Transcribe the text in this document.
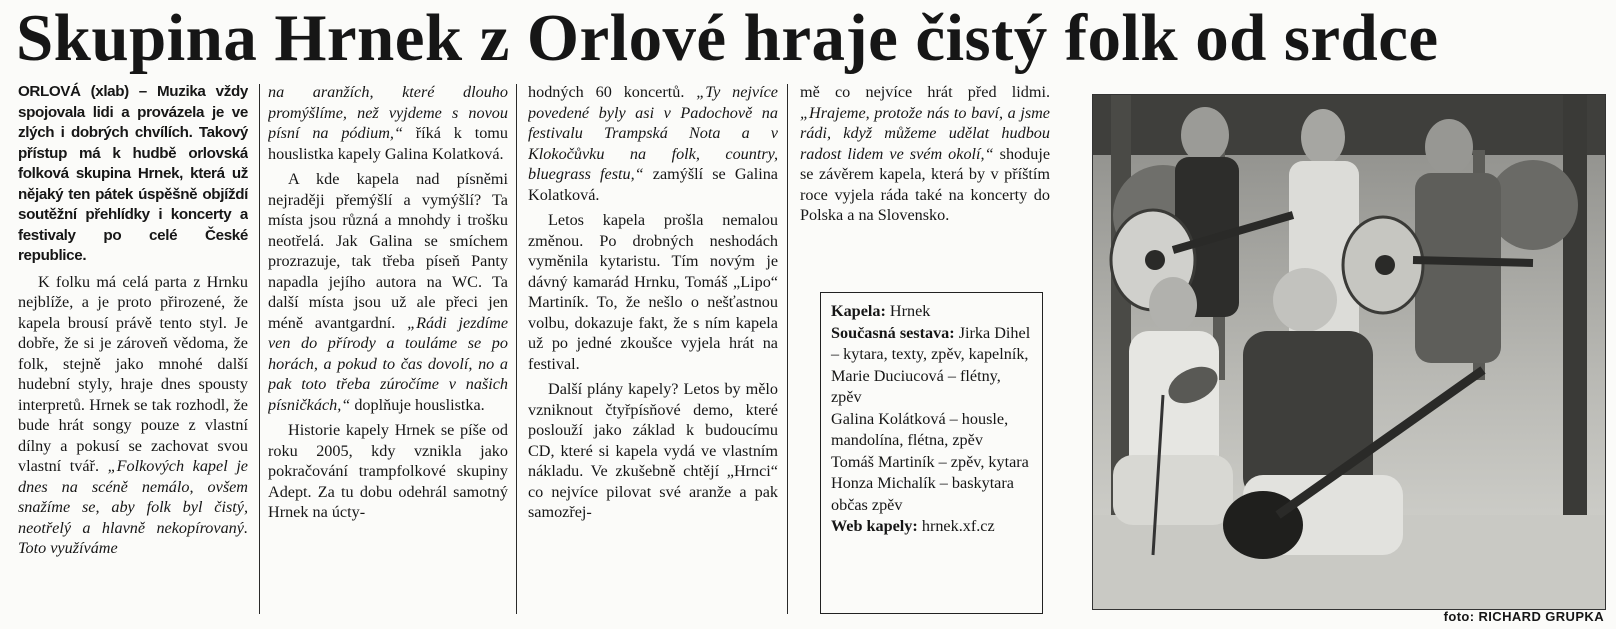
Skupina Hrnek z Orlové hraje čistý folk od srdce

ORLOVÁ (xlab) – Muzika vždy spojovala lidi a provázela je ve zlých i dobrých chvílích. Takový přístup má k hudbě orlovská folková skupina Hrnek, která už nějaký ten pátek úspěšně objíždí soutěžní přehlídky i koncerty a festivaly po celé České republice.

K folku má celá parta z Hrnku nejblíže, a je proto přirozené, že kapela brousí právě tento styl. Je dobře, že si je zároveň vědoma, že folk, stejně jako mnohé další hudební styly, hraje dnes spousty interpretů. Hrnek se tak rozhodl, že bude hrát songy pouze z vlastní dílny a pokusí se zachovat svou vlastní tvář. „Folkových kapel je dnes na scéně nemálo, ovšem snažíme se, aby folk byl čistý, neotřelý a hlavně nekopírovaný. Toto využíváme

na aranžích, které dlouho promýšlíme, než vyjdeme s novou písní na pódium,“ říká k tomu houslistka kapely Galina Kolatková.

A kde kapela nad písněmi nejraději přemýšlí a vymýšlí? Ta místa jsou různá a mnohdy i trošku neotřelá. Jak Galina se smíchem prozrazuje, tak třeba píseň Panty napadla jejího autora na WC. Ta další místa jsou už ale přeci jen méně avantgardní. „Rádi jezdíme ven do přírody a touláme se po horách, a pokud to čas dovolí, no a pak toto třeba zúročíme v našich písničkách,“ doplňuje houslistka.

Historie kapely Hrnek se píše od roku 2005, kdy vznikla jako pokračování trampfolkové skupiny Adept. Za tu dobu odehrál samotný Hrnek na úcty-

hodných 60 koncertů. „Ty nejvíce povedené byly asi v Padochově na festivalu Trampská Nota a v Klokočůvku na folk, country, bluegrass festu,“ zamýšlí se Galina Kolatková.

Letos kapela prošla nemalou změnou. Po drobných neshodách vyměnila kytaristu. Tím novým je dávný kamarád Hrnku, Tomáš „Lipo“ Martiník. To, že nešlo o nešťastnou volbu, dokazuje fakt, že s ním kapela už po jedné zkoušce vyjela hrát na festival.

Další plány kapely? Letos by mělo vzniknout čtyřpísňové demo, které poslouží jako základ k budoucímu CD, které si kapela vydá ve vlastním nákladu. Ve zkušebně chtějí „Hrnci“ co nejvíce pilovat své aranže a pak samozřej-

mě co nejvíce hrát před lidmi. „Hrajeme, protože nás to baví, a jsme rádi, když můžeme udělat hudbou radost lidem ve svém okolí,“ shoduje se závěrem kapela, která by v příštím roce vyjela ráda také na koncerty do Polska a na Slovensko.

Kapela: Hrnek

Současná sestava: Jirka Dihel – kytara, texty, zpěv, kapelník,

Marie Duciucová – flétny, zpěv

Galina Kolátková – housle, mandolína, flétna, zpěv

Tomáš Martiník – zpěv, kytara

Honza Michalík – baskytara občas zpěv

Web kapely: hrnek.xf.cz

foto: RICHARD GRUPKA
